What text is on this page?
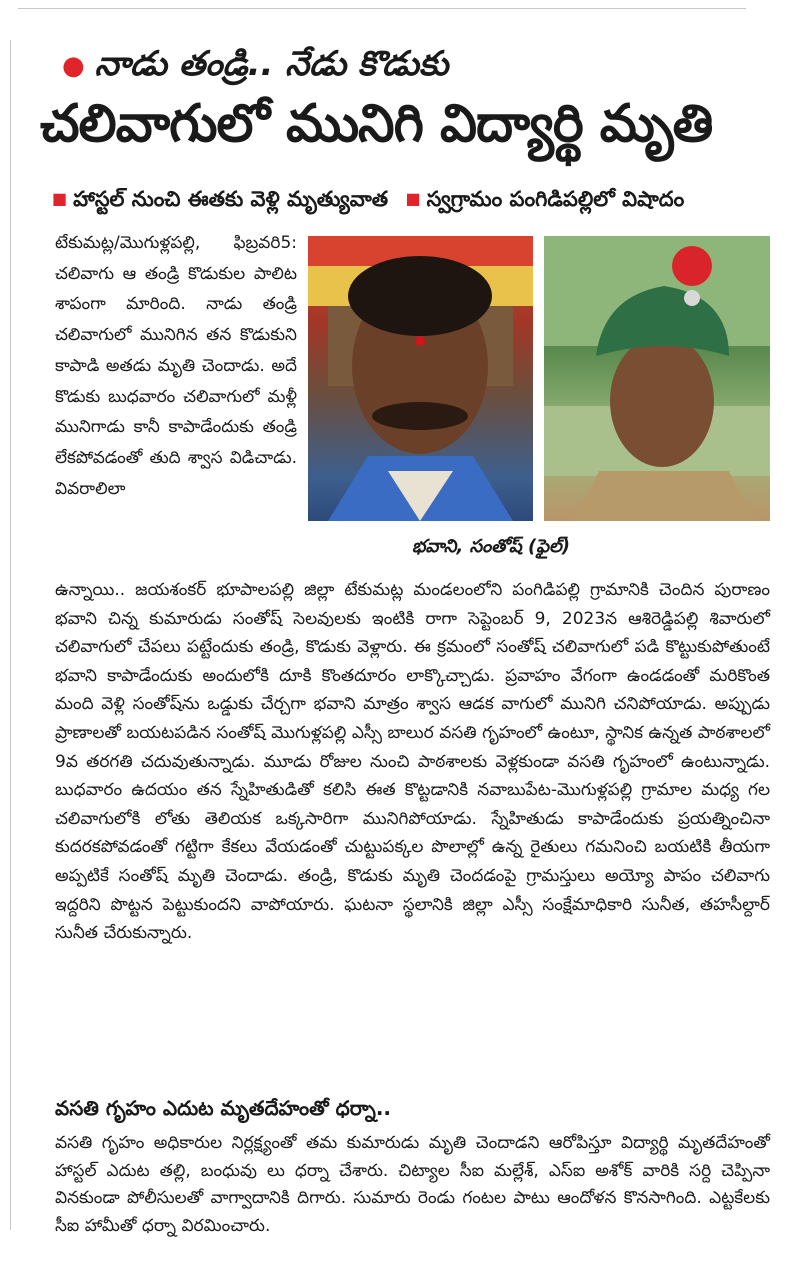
● నాడు తండ్రి.. నేడు కొడుకు
చలివాగులో మునిగి విద్యార్థి మృతి
■ హాస్టల్ నుంచి ఈతకు వెళ్లి మృత్యువాత ■ స్వగ్రామం పంగిడిపల్లిలో విషాదం
టేకుమట్ల/మొగుళ్లపల్లి, ఫిబ్రవరి5: చలివాగు ఆ తండ్రి కొడుకుల పాలిట శాపంగా మారింది. నాడు తండ్రి చలివాగులో మునిగిన తన కొడుకుని కాపాడి అతడు మృతి చెందాడు. అదే కొడుకు బుధవారం చలివాగులో మళ్లీ మునిగాడు కానీ కాపాడేందుకు తండ్రి లేకపోవడంతో తుది శ్వాస విడిచాడు. వివరాలిలా
భవాని, సంతోష్ (ఫైల్)
ఉన్నాయి.. జయశంకర్ భూపాలపల్లి జిల్లా టేకుమట్ల మండలంలోని పంగిడిపల్లి గ్రామానికి చెందిన పురాణం భవాని చిన్న కుమారుడు సంతోష్ సెలవులకు ఇంటికి రాగా సెప్టెంబర్ 9, 2023న ఆశిరెడ్డిపల్లి శివారులో చలివాగులో చేపలు పట్టేందుకు తండ్రి, కొడుకు వెళ్లారు. ఈ క్రమంలో సంతోష్ చలివాగులో పడి కొట్టుకుపోతుంటే భవాని కాపాడేందుకు అందులోకి దూకి కొంతదూరం లాక్కొచ్చాడు. ప్రవాహం వేగంగా ఉండడంతో మరికొంత మంది వెళ్లి సంతోష్‌ను ఒడ్డుకు చేర్చగా భవాని మాత్రం శ్వాస ఆడక వాగులో మునిగి చనిపోయాడు. అప్పుడు ప్రాణాలతో బయటపడిన సంతోష్ మొగుళ్లపల్లి ఎస్సీ బాలుర వసతి గృహంలో ఉంటూ, స్థానిక ఉన్నత పాఠశాలలో 9వ తరగతి చదువుతున్నాడు. మూడు రోజుల నుంచి పాఠశాలకు వెళ్లకుండా వసతి గృహంలో ఉంటున్నాడు. బుధవారం ఉదయం తన స్నేహితుడితో కలిసి ఈత కొట్టడానికి నవాబుపేట-మొగుళ్లపల్లి గ్రామాల మధ్య గల చలివాగులోకి లోతు తెలియక ఒక్కసారిగా మునిగిపోయాడు. స్నేహితుడు కాపాడేందుకు ప్రయత్నించినా కుదరకపోవడంతో గట్టిగా కేకలు వేయడంతో చుట్టుపక్కల పొలాల్లో ఉన్న రైతులు గమనించి బయటికి తీయగా అప్పటికే సంతోష్ మృతి చెందాడు. తండ్రి, కొడుకు మృతి చెందడంపై గ్రామస్తులు అయ్యో పాపం చలివాగు ఇద్దరిని పొట్టన పెట్టుకుందని వాపోయారు. ఘటనా స్థలానికి జిల్లా ఎస్సీ సంక్షేమాధికారి సునీత, తహసీల్దార్ సునీత చేరుకున్నారు.
వసతి గృహం ఎదుట మృతదేహంతో ధర్నా..
వసతి గృహం అధికారుల నిర్లక్ష్యంతో తమ కుమారుడు మృతి చెందాడని ఆరోపిస్తూ విద్యార్థి మృతదేహంతో హాస్టల్ ఎదుట తల్లి, బంధువు లు ధర్నా చేశారు. చిట్యాల సీఐ మల్లేశ్, ఎస్ఐ అశోక్ వారికి సర్ది చెప్పినా వినకుండా పోలీసులతో వాగ్వాదానికి దిగారు. సుమారు రెండు గంటల పాటు ఆందోళన కొనసాగింది. ఎట్టకేలకు సీఐ హామీతో ధర్నా విరమించారు.
